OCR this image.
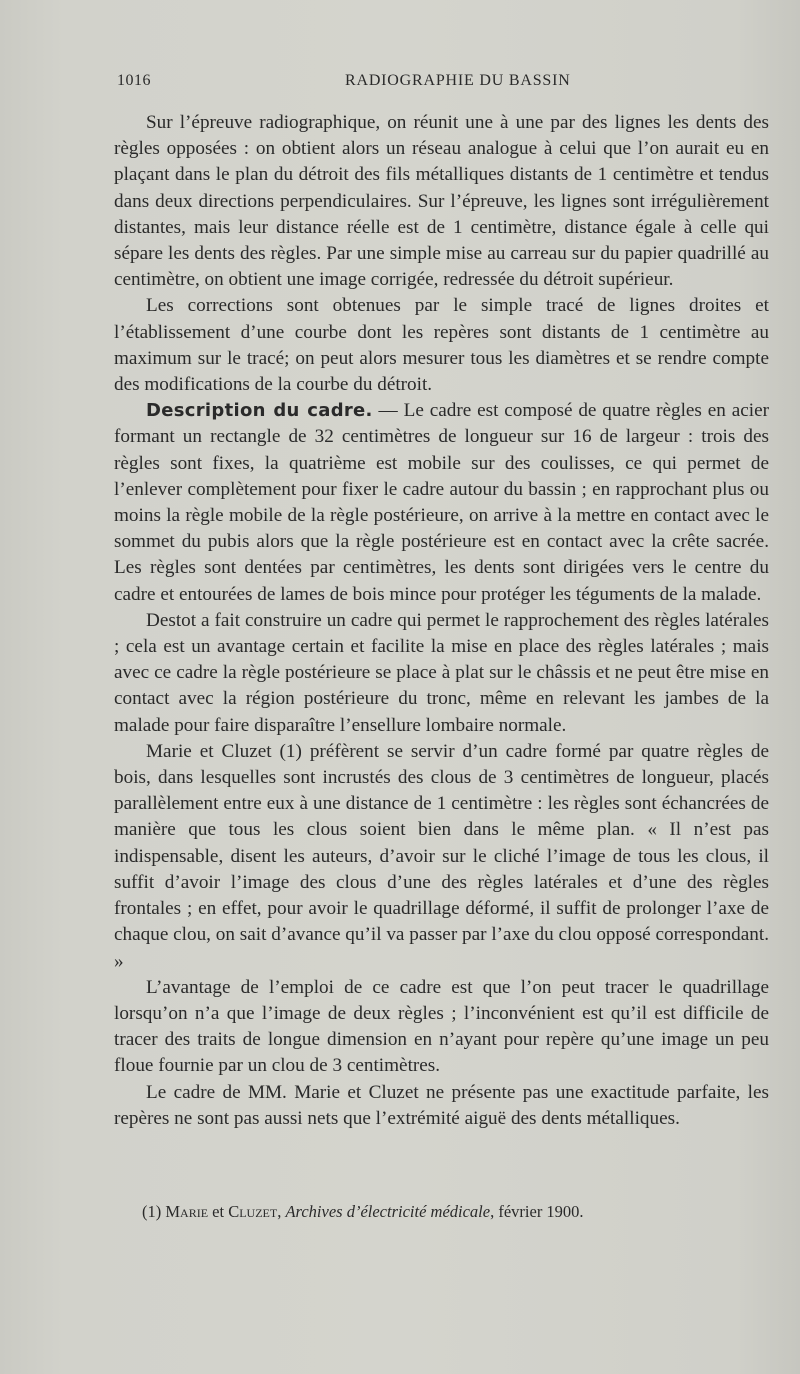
1016	RADIOGRAPHIE DU BASSIN

Sur l’épreuve radiographique, on réunit une à une par des lignes les dents des règles opposées : on obtient alors un réseau analogue à celui que l’on aurait eu en plaçant dans le plan du détroit des fils métalliques distants de 1 centimètre et tendus dans deux directions perpendiculaires. Sur l’épreuve, les lignes sont irrégulièrement distantes, mais leur distance réelle est de 1 centimètre, distance égale à celle qui sépare les dents des règles. Par une simple mise au carreau sur du papier quadrillé au centimètre, on obtient une image corrigée, redressée du détroit supérieur.

Les corrections sont obtenues par le simple tracé de lignes droites et l’établissement d’une courbe dont les repères sont distants de 1 centimètre au maximum sur le tracé; on peut alors mesurer tous les diamètres et se rendre compte des modifications de la courbe du détroit.

Description du cadre. — Le cadre est composé de quatre règles en acier formant un rectangle de 32 centimètres de longueur sur 16 de largeur : trois des règles sont fixes, la quatrième est mobile sur des coulisses, ce qui permet de l’enlever complètement pour fixer le cadre autour du bassin ; en rapprochant plus ou moins la règle mobile de la règle postérieure, on arrive à la mettre en contact avec le sommet du pubis alors que la règle postérieure est en contact avec la crête sacrée. Les règles sont dentées par centimètres, les dents sont dirigées vers le centre du cadre et entourées de lames de bois mince pour protéger les téguments de la malade.

Destot a fait construire un cadre qui permet le rapprochement des règles latérales ; cela est un avantage certain et facilite la mise en place des règles latérales ; mais avec ce cadre la règle postérieure se place à plat sur le châssis et ne peut être mise en contact avec la région postérieure du tronc, même en relevant les jambes de la malade pour faire disparaître l’ensellure lombaire normale.

Marie et Cluzet (1) préfèrent se servir d’un cadre formé par quatre règles de bois, dans lesquelles sont incrustés des clous de 3 centimètres de longueur, placés parallèlement entre eux à une distance de 1 centimètre : les règles sont échancrées de manière que tous les clous soient bien dans le même plan. « Il n’est pas indispensable, disent les auteurs, d’avoir sur le cliché l’image de tous les clous, il suffit d’avoir l’image des clous d’une des règles latérales et d’une des règles frontales ; en effet, pour avoir le quadrillage déformé, il suffit de prolonger l’axe de chaque clou, on sait d’avance qu’il va passer par l’axe du clou opposé correspondant. »

L’avantage de l’emploi de ce cadre est que l’on peut tracer le quadrillage lorsqu’on n’a que l’image de deux règles ; l’inconvénient est qu’il est difficile de tracer des traits de longue dimension en n’ayant pour repère qu’une image un peu floue fournie par un clou de 3 centimètres.

Le cadre de MM. Marie et Cluzet ne présente pas une exactitude parfaite, les repères ne sont pas aussi nets que l’extrémité aiguë des dents métalliques.

(1) Marie et Cluzet, Archives d’électricité médicale, février 1900.
